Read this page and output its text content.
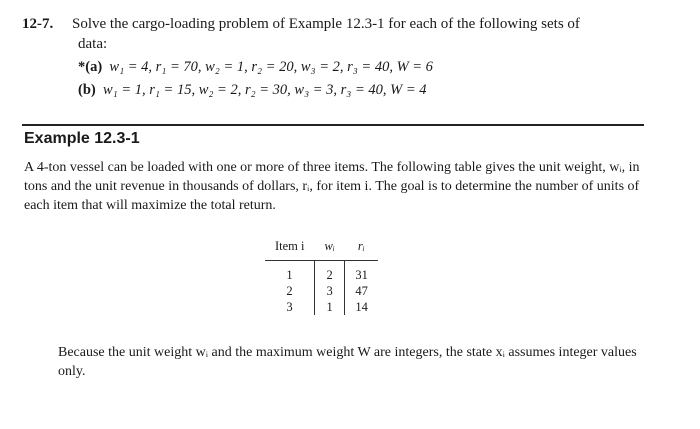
12-7. Solve the cargo-loading problem of Example 12.3-1 for each of the following sets of
data:
*(a) w₁ = 4, r₁ = 70, w₂ = 1, r₂ = 20, w₃ = 2, r₃ = 40, W = 6
(b) w₁ = 1, r₁ = 15, w₂ = 2, r₂ = 30, w₃ = 3, r₃ = 40, W = 4
Example 12.3-1
A 4-ton vessel can be loaded with one or more of three items. The following table gives the unit weight, wᵢ, in tons and the unit revenue in thousands of dollars, rᵢ, for item i. The goal is to determine the number of units of each item that will maximize the total return.
Item i	wᵢ	rᵢ
1	2	31
2	3	47
3	1	14
Because the unit weight wᵢ and the maximum weight W are integers, the state xᵢ assumes integer values only.
